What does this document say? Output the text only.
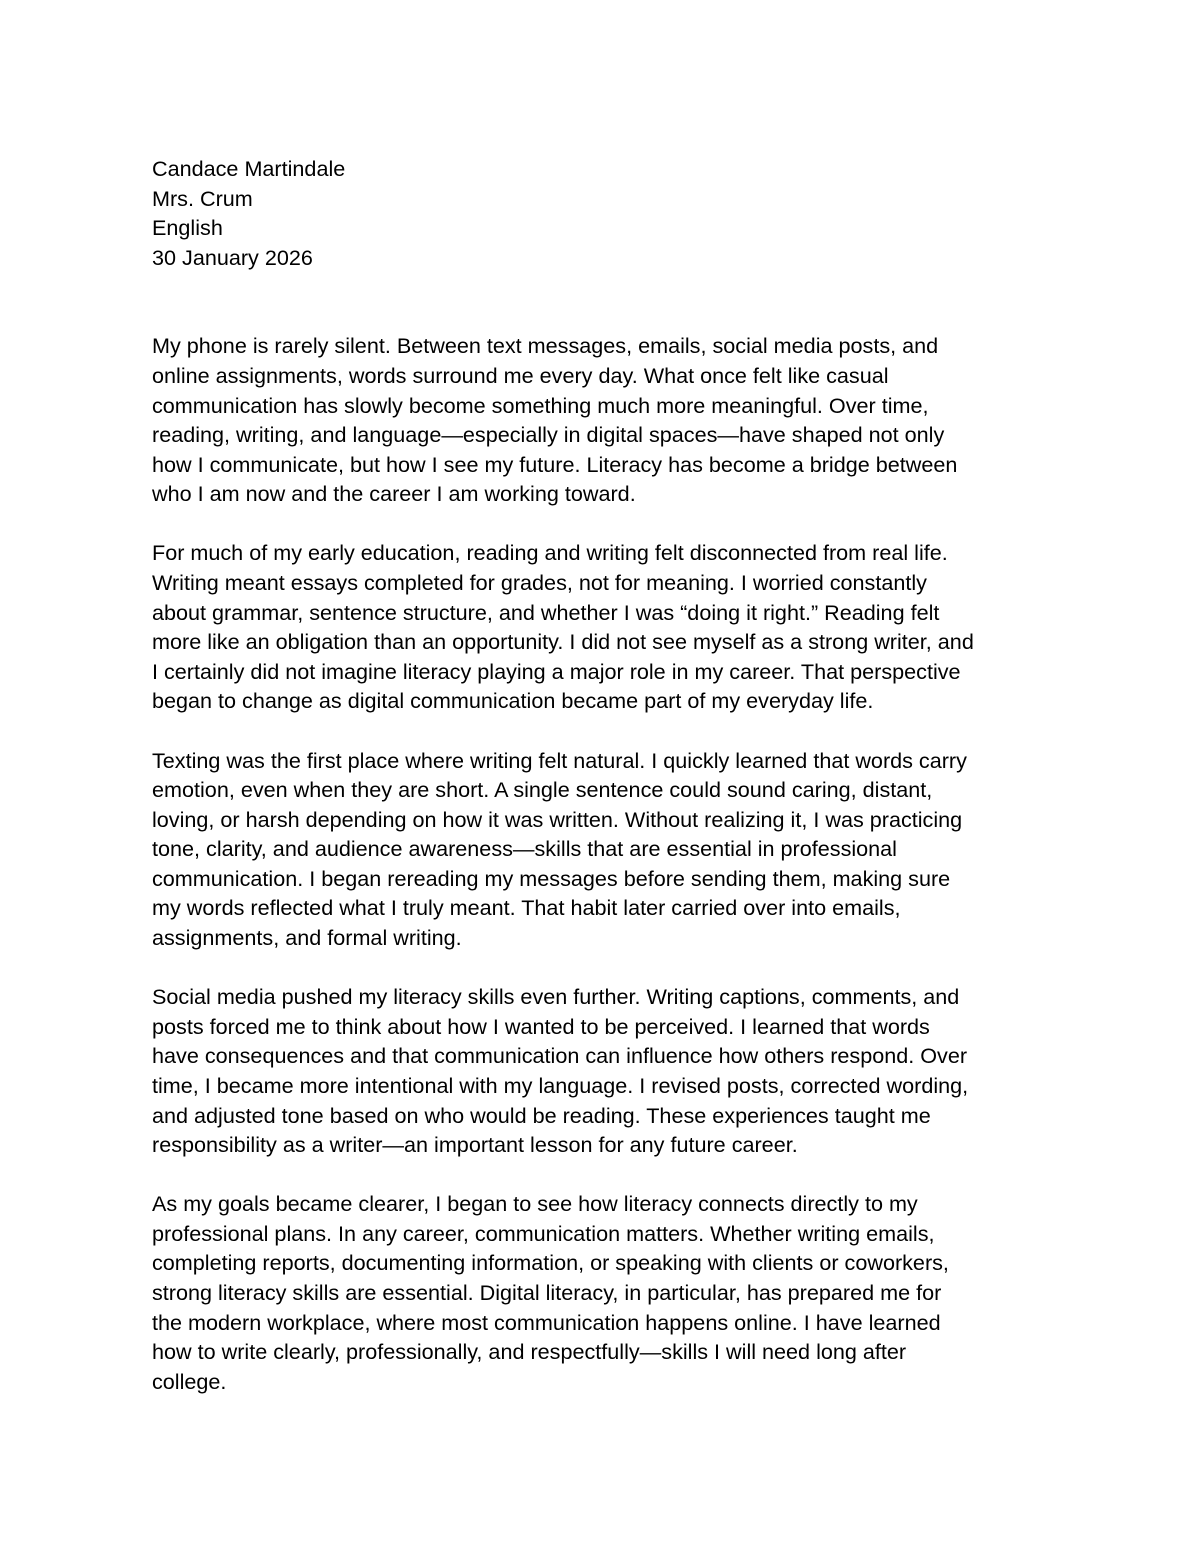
Candace Martindale
Mrs. Crum
English
30 January 2026

My phone is rarely silent. Between text messages, emails, social media posts, and
online assignments, words surround me every day. What once felt like casual
communication has slowly become something much more meaningful. Over time,
reading, writing, and language—especially in digital spaces—have shaped not only
how I communicate, but how I see my future. Literacy has become a bridge between
who I am now and the career I am working toward.

For much of my early education, reading and writing felt disconnected from real life.
Writing meant essays completed for grades, not for meaning. I worried constantly
about grammar, sentence structure, and whether I was “doing it right.” Reading felt
more like an obligation than an opportunity. I did not see myself as a strong writer, and
I certainly did not imagine literacy playing a major role in my career. That perspective
began to change as digital communication became part of my everyday life.

Texting was the first place where writing felt natural. I quickly learned that words carry
emotion, even when they are short. A single sentence could sound caring, distant,
loving, or harsh depending on how it was written. Without realizing it, I was practicing
tone, clarity, and audience awareness—skills that are essential in professional
communication. I began rereading my messages before sending them, making sure
my words reflected what I truly meant. That habit later carried over into emails,
assignments, and formal writing.

Social media pushed my literacy skills even further. Writing captions, comments, and
posts forced me to think about how I wanted to be perceived. I learned that words
have consequences and that communication can influence how others respond. Over
time, I became more intentional with my language. I revised posts, corrected wording,
and adjusted tone based on who would be reading. These experiences taught me
responsibility as a writer—an important lesson for any future career.

As my goals became clearer, I began to see how literacy connects directly to my
professional plans. In any career, communication matters. Whether writing emails,
completing reports, documenting information, or speaking with clients or coworkers,
strong literacy skills are essential. Digital literacy, in particular, has prepared me for
the modern workplace, where most communication happens online. I have learned
how to write clearly, professionally, and respectfully—skills I will need long after
college.
